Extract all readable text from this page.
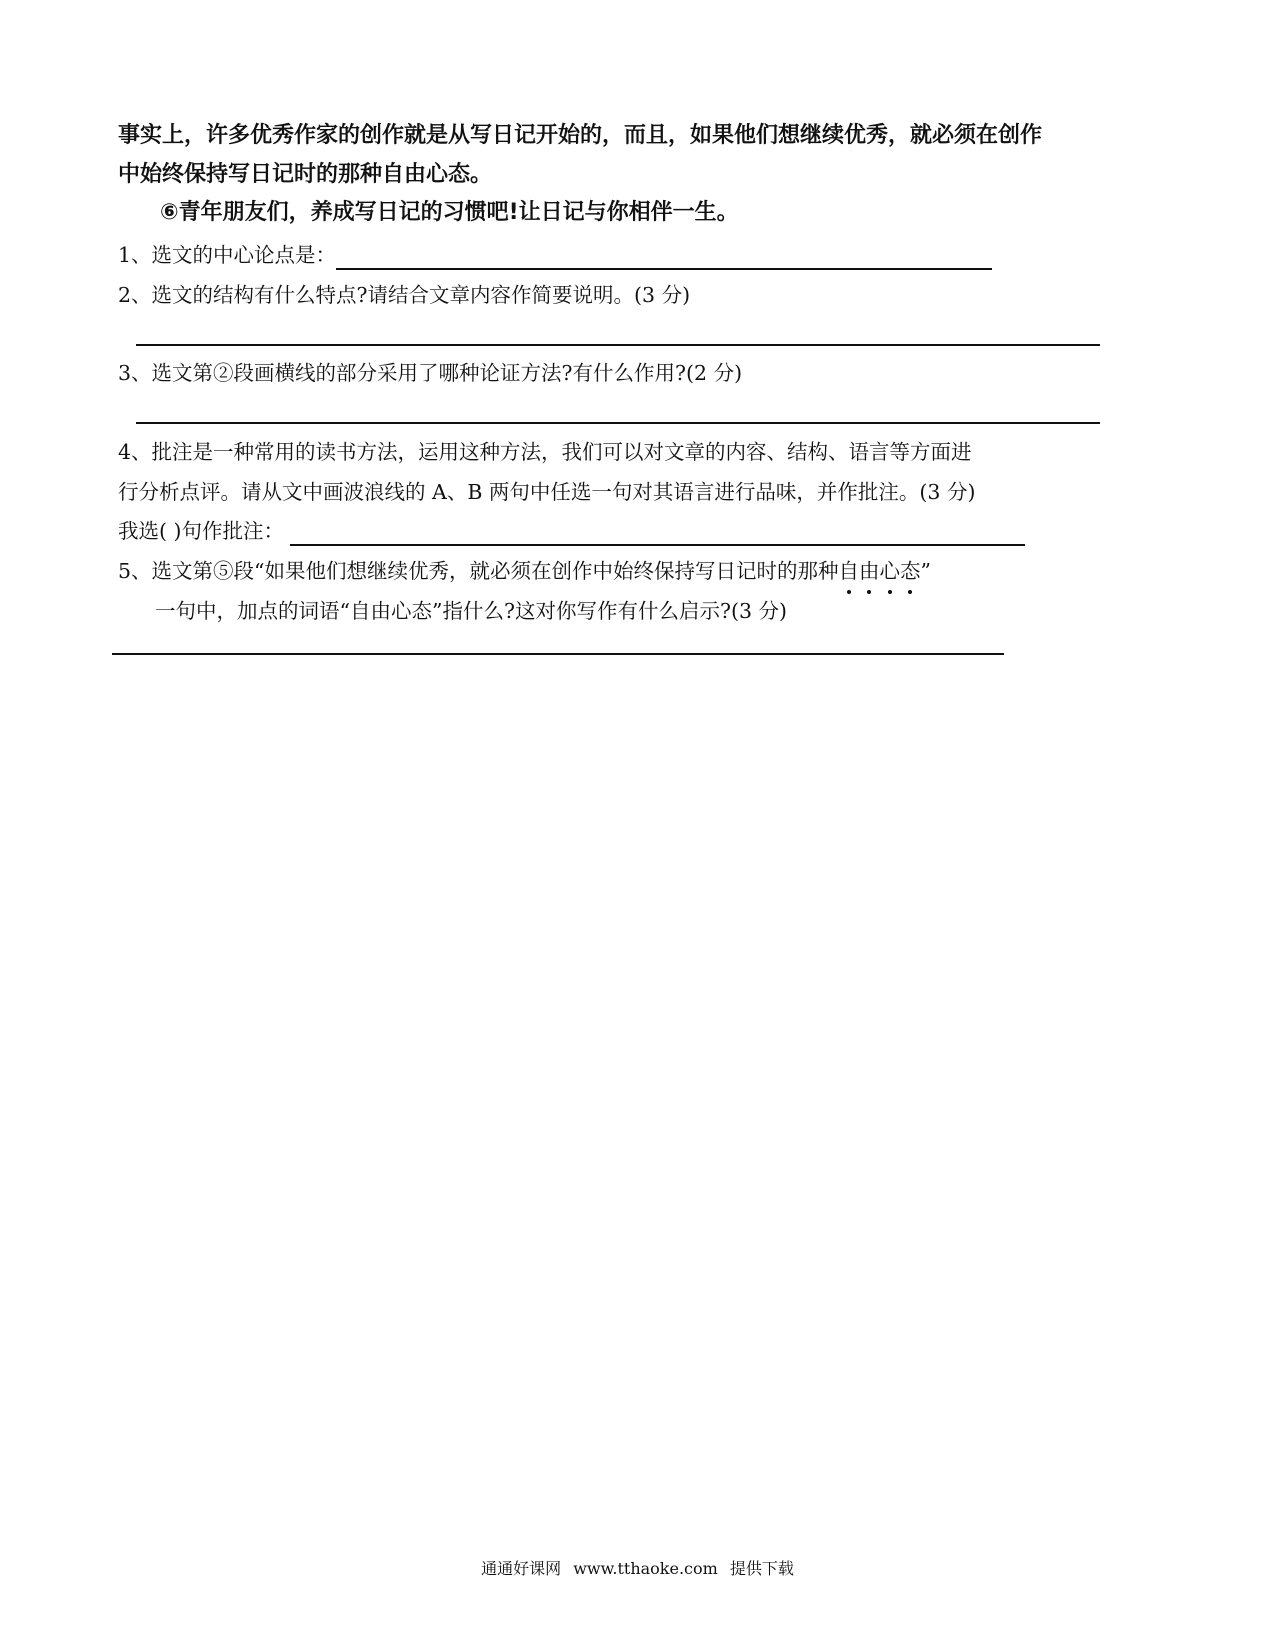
事实上，许多优秀作家的创作就是从写日记开始的，而且，如果他们想继续优秀，就必须在创作
中始终保持写日记时的那种自由心态。
⑥青年朋友们，养成写日记的习惯吧!让日记与你相伴一生。
1、选文的中心论点是：
2、选文的结构有什么特点?请结合文章内容作简要说明。(3 分)
3、选文第②段画横线的部分采用了哪种论证方法?有什么作用?(2 分)
4、批注是一种常用的读书方法，运用这种方法，我们可以对文章的内容、结构、语言等方面进
行分析点评。请从文中画波浪线的 A、B 两句中任选一句对其语言进行品味，并作批注。(3 分)
我选( )句作批注：
5、选文第⑤段“如果他们想继续优秀，就必须在创作中始终保持写日记时的那种自由心态
”
一句中，加点的词语“自由心态”指什么?这对你写作有什么启示?(3 分)
通通好课网 www.tthaoke.com 提供下载
